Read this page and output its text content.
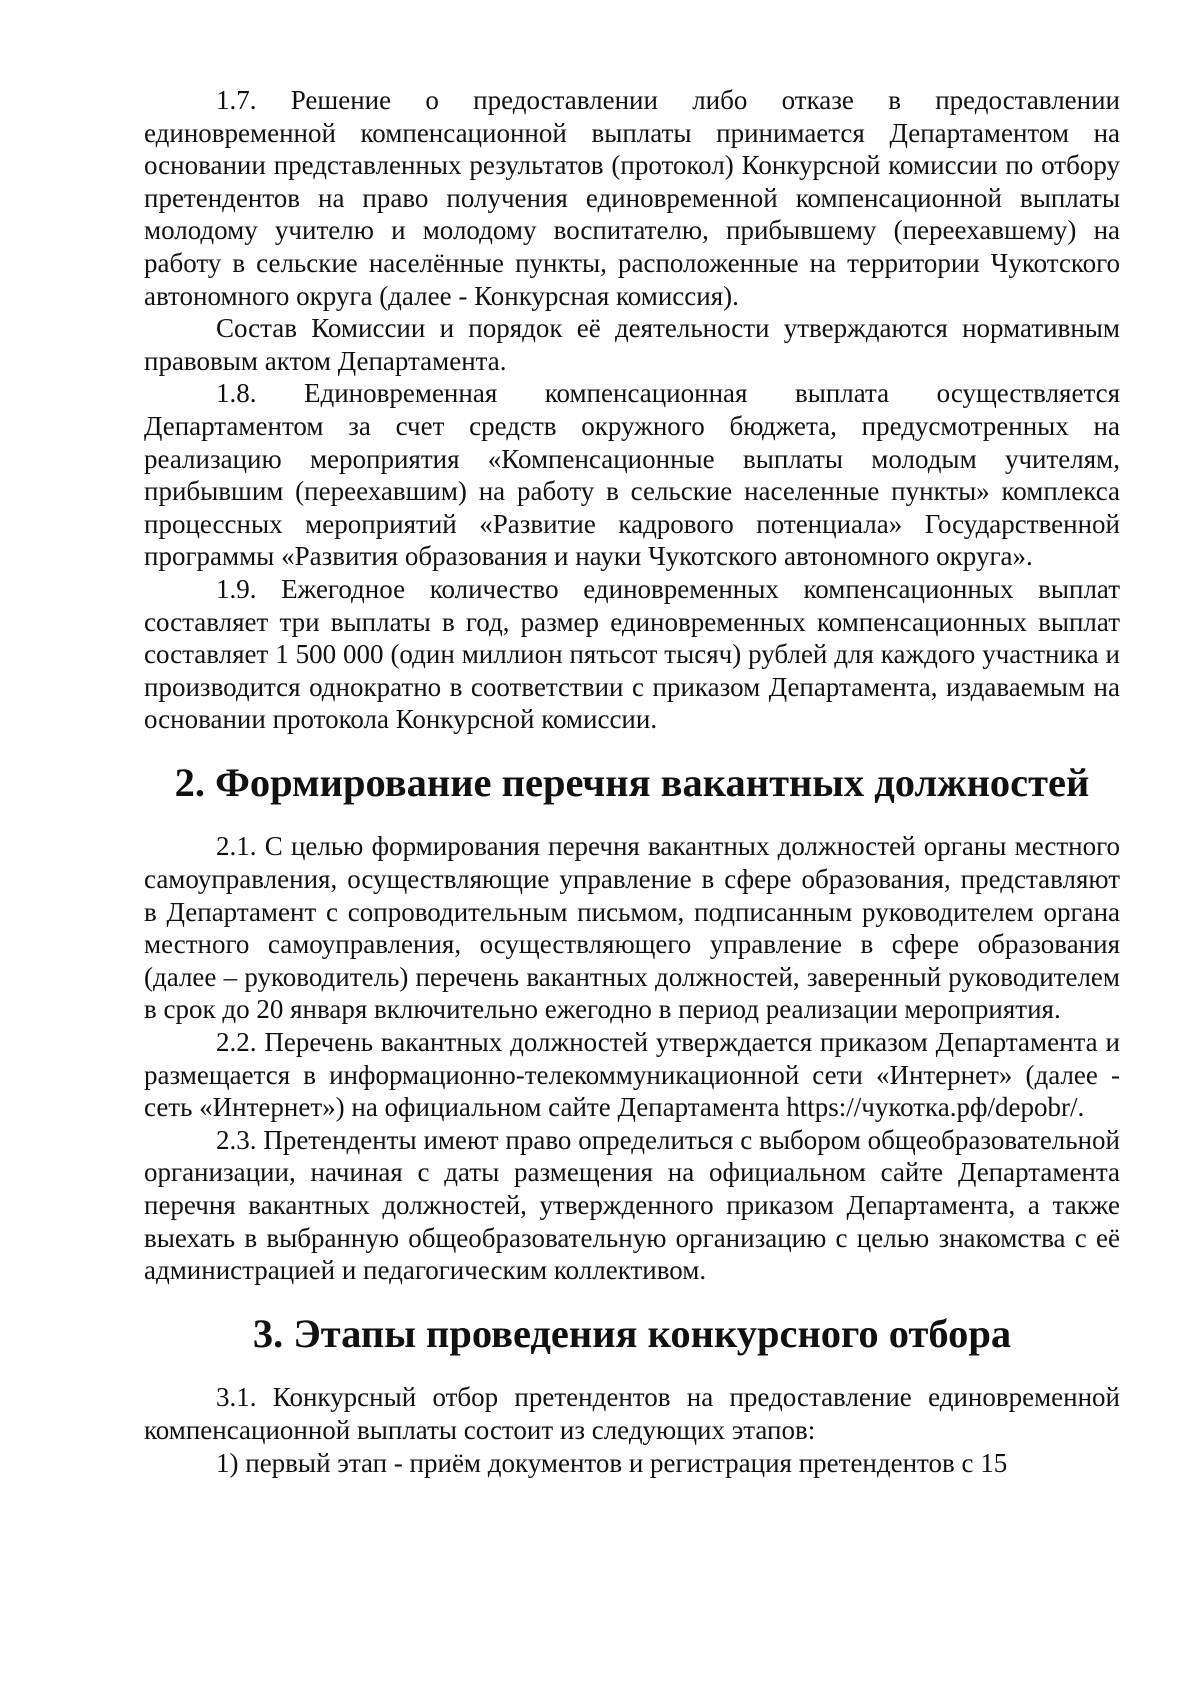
1.7. Решение о предоставлении либо отказе в предоставлении единовременной компенсационной выплаты принимается Департаментом на основании представленных результатов (протокол) Конкурсной комиссии по отбору претендентов на право получения единовременной компенсационной выплаты молодому учителю и молодому воспитателю, прибывшему (переехавшему) на работу в сельские населённые пункты, расположенные на территории Чукотского автономного округа (далее - Конкурсная комиссия).

Состав Комиссии и порядок её деятельности утверждаются нормативным правовым актом Департамента.

1.8. Единовременная компенсационная выплата осуществляется Департаментом за счет средств окружного бюджета, предусмотренных на реализацию мероприятия «Компенсационные выплаты молодым учителям, прибывшим (переехавшим) на работу в сельские населенные пункты» комплекса процессных мероприятий «Развитие кадрового потенциала» Государственной программы «Развития образования и науки Чукотского автономного округа».

1.9. Ежегодное количество единовременных компенсационных выплат составляет три выплаты в год, размер единовременных компенсационных выплат составляет 1 500 000 (один миллион пятьсот тысяч) рублей для каждого участника и производится однократно в соответствии с приказом Департамента, издаваемым на основании протокола Конкурсной комиссии.

2. Формирование перечня вакантных должностей

2.1. С целью формирования перечня вакантных должностей органы местного самоуправления, осуществляющие управление в сфере образования, представляют в Департамент с сопроводительным письмом, подписанным руководителем органа местного самоуправления, осуществляющего управление в сфере образования (далее – руководитель) перечень вакантных должностей, заверенный руководителем в срок до 20 января включительно ежегодно в период реализации мероприятия.

2.2. Перечень вакантных должностей утверждается приказом Департамента и размещается в информационно-телекоммуникационной сети «Интернет» (далее - сеть «Интернет») на официальном сайте Департамента https://чукотка.рф/depobr/.

2.3. Претенденты имеют право определиться с выбором общеобразовательной организации, начиная с даты размещения на официальном сайте Департамента перечня вакантных должностей, утвержденного приказом Департамента, а также выехать в выбранную общеобразовательную организацию с целью знакомства с её администрацией и педагогическим коллективом.

3. Этапы проведения конкурсного отбора

3.1. Конкурсный отбор претендентов на предоставление единовременной компенсационной выплаты состоит из следующих этапов:

1) первый этап - приём документов и регистрация претендентов с 15
